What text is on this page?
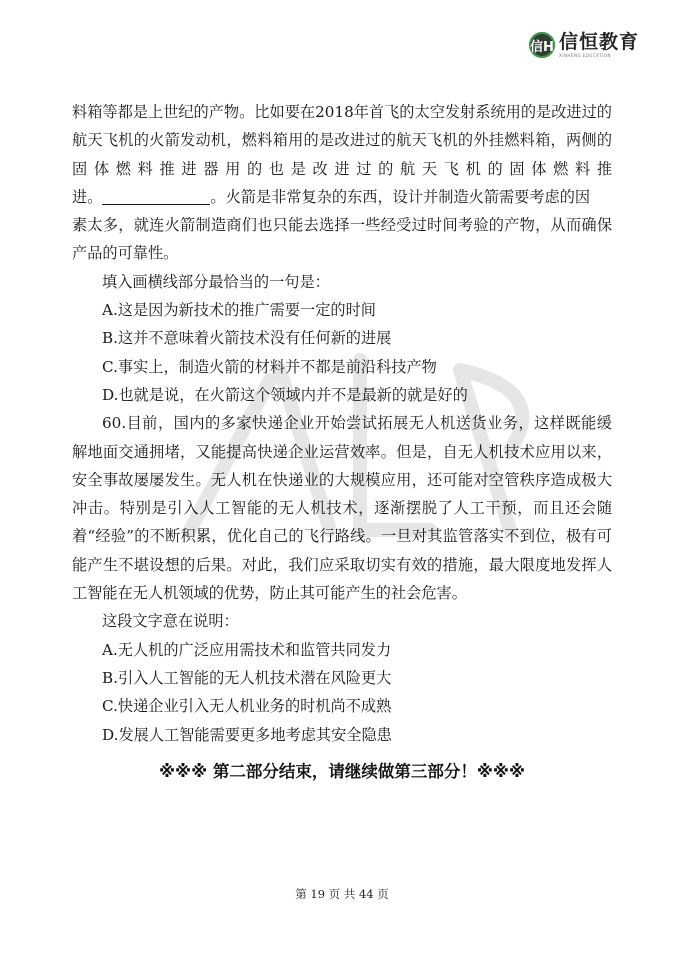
信H 信恒教育
XINHENG EDUCATION

料箱等都是上世纪的产物。比如要在2018年首飞的太空发射系统用的是改进过的

航天飞机的火箭发动机，燃料箱用的是改进过的航天飞机的外挂燃料箱，两侧的

固体燃料推进器用的也是改进过的航天飞机的固体燃料推

进。	。火箭是非常复杂的东西，设计并制造火箭需要考虑的因

素太多，就连火箭制造商们也只能去选择一些经受过时间考验的产物，从而确保

产品的可靠性。

填入画横线部分最恰当的一句是：

A.这是因为新技术的推广需要一定的时间

B.这并不意味着火箭技术没有任何新的进展

C.事实上，制造火箭的材料并不都是前沿科技产物

D.也就是说，在火箭这个领域内并不是最新的就是好的

60.目前，国内的多家快递企业开始尝试拓展无人机送货业务，这样既能缓解地面交通拥堵，又能提高快递企业运营效率。但是，自无人机技术应用以来，安全事故屡屡发生。无人机在快递业的大规模应用，还可能对空管秩序造成极大冲击。特别是引入人工智能的无人机技术，逐渐摆脱了人工干预，而且还会随着“经验”的不断积累，优化自己的飞行路线。一旦对其监管落实不到位，极有可能产生不堪设想的后果。对此，我们应采取切实有效的措施，最大限度地发挥人工智能在无人机领域的优势，防止其可能产生的社会危害。

这段文字意在说明：

A.无人机的广泛应用需技术和监管共同发力

B.引入人工智能的无人机技术潜在风险更大

C.快递企业引入无人机业务的时机尚不成熟

D.发展人工智能需要更多地考虑其安全隐患

※※※ 第二部分结束，请继续做第三部分！※※※
第 19 页 共 44 页
